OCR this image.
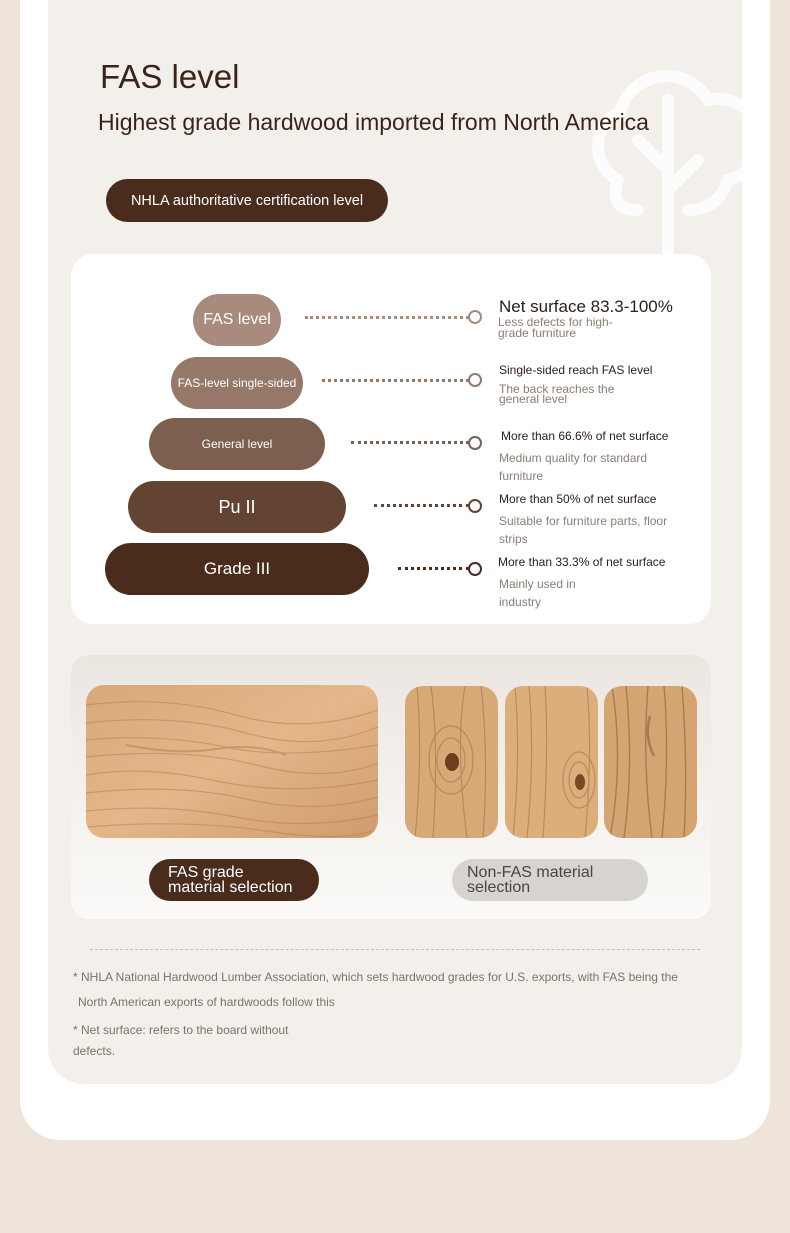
FAS level
Highest grade hardwood imported from North America
NHLA authoritative certification level
FAS level
Net surface 83.3-100%
Less defects for high-grade furniture
FAS-level single-sided
Single-sided reach FAS level
The back reaches the general level
General level
More than 66.6% of net surface
Medium quality for standard furniture
Pu II	More than 50% of net surface
Suitable for furniture parts, floor strips
Grade III	More than 33.3% of net surface
Mainly used in industry
FAS grade material selection
Non-FAS material selection
* NHLA National Hardwood Lumber Association, which sets hardwood grades for U.S. exports, with FAS being the
North American exports of hardwoods follow this
* Net surface: refers to the board without defects.
